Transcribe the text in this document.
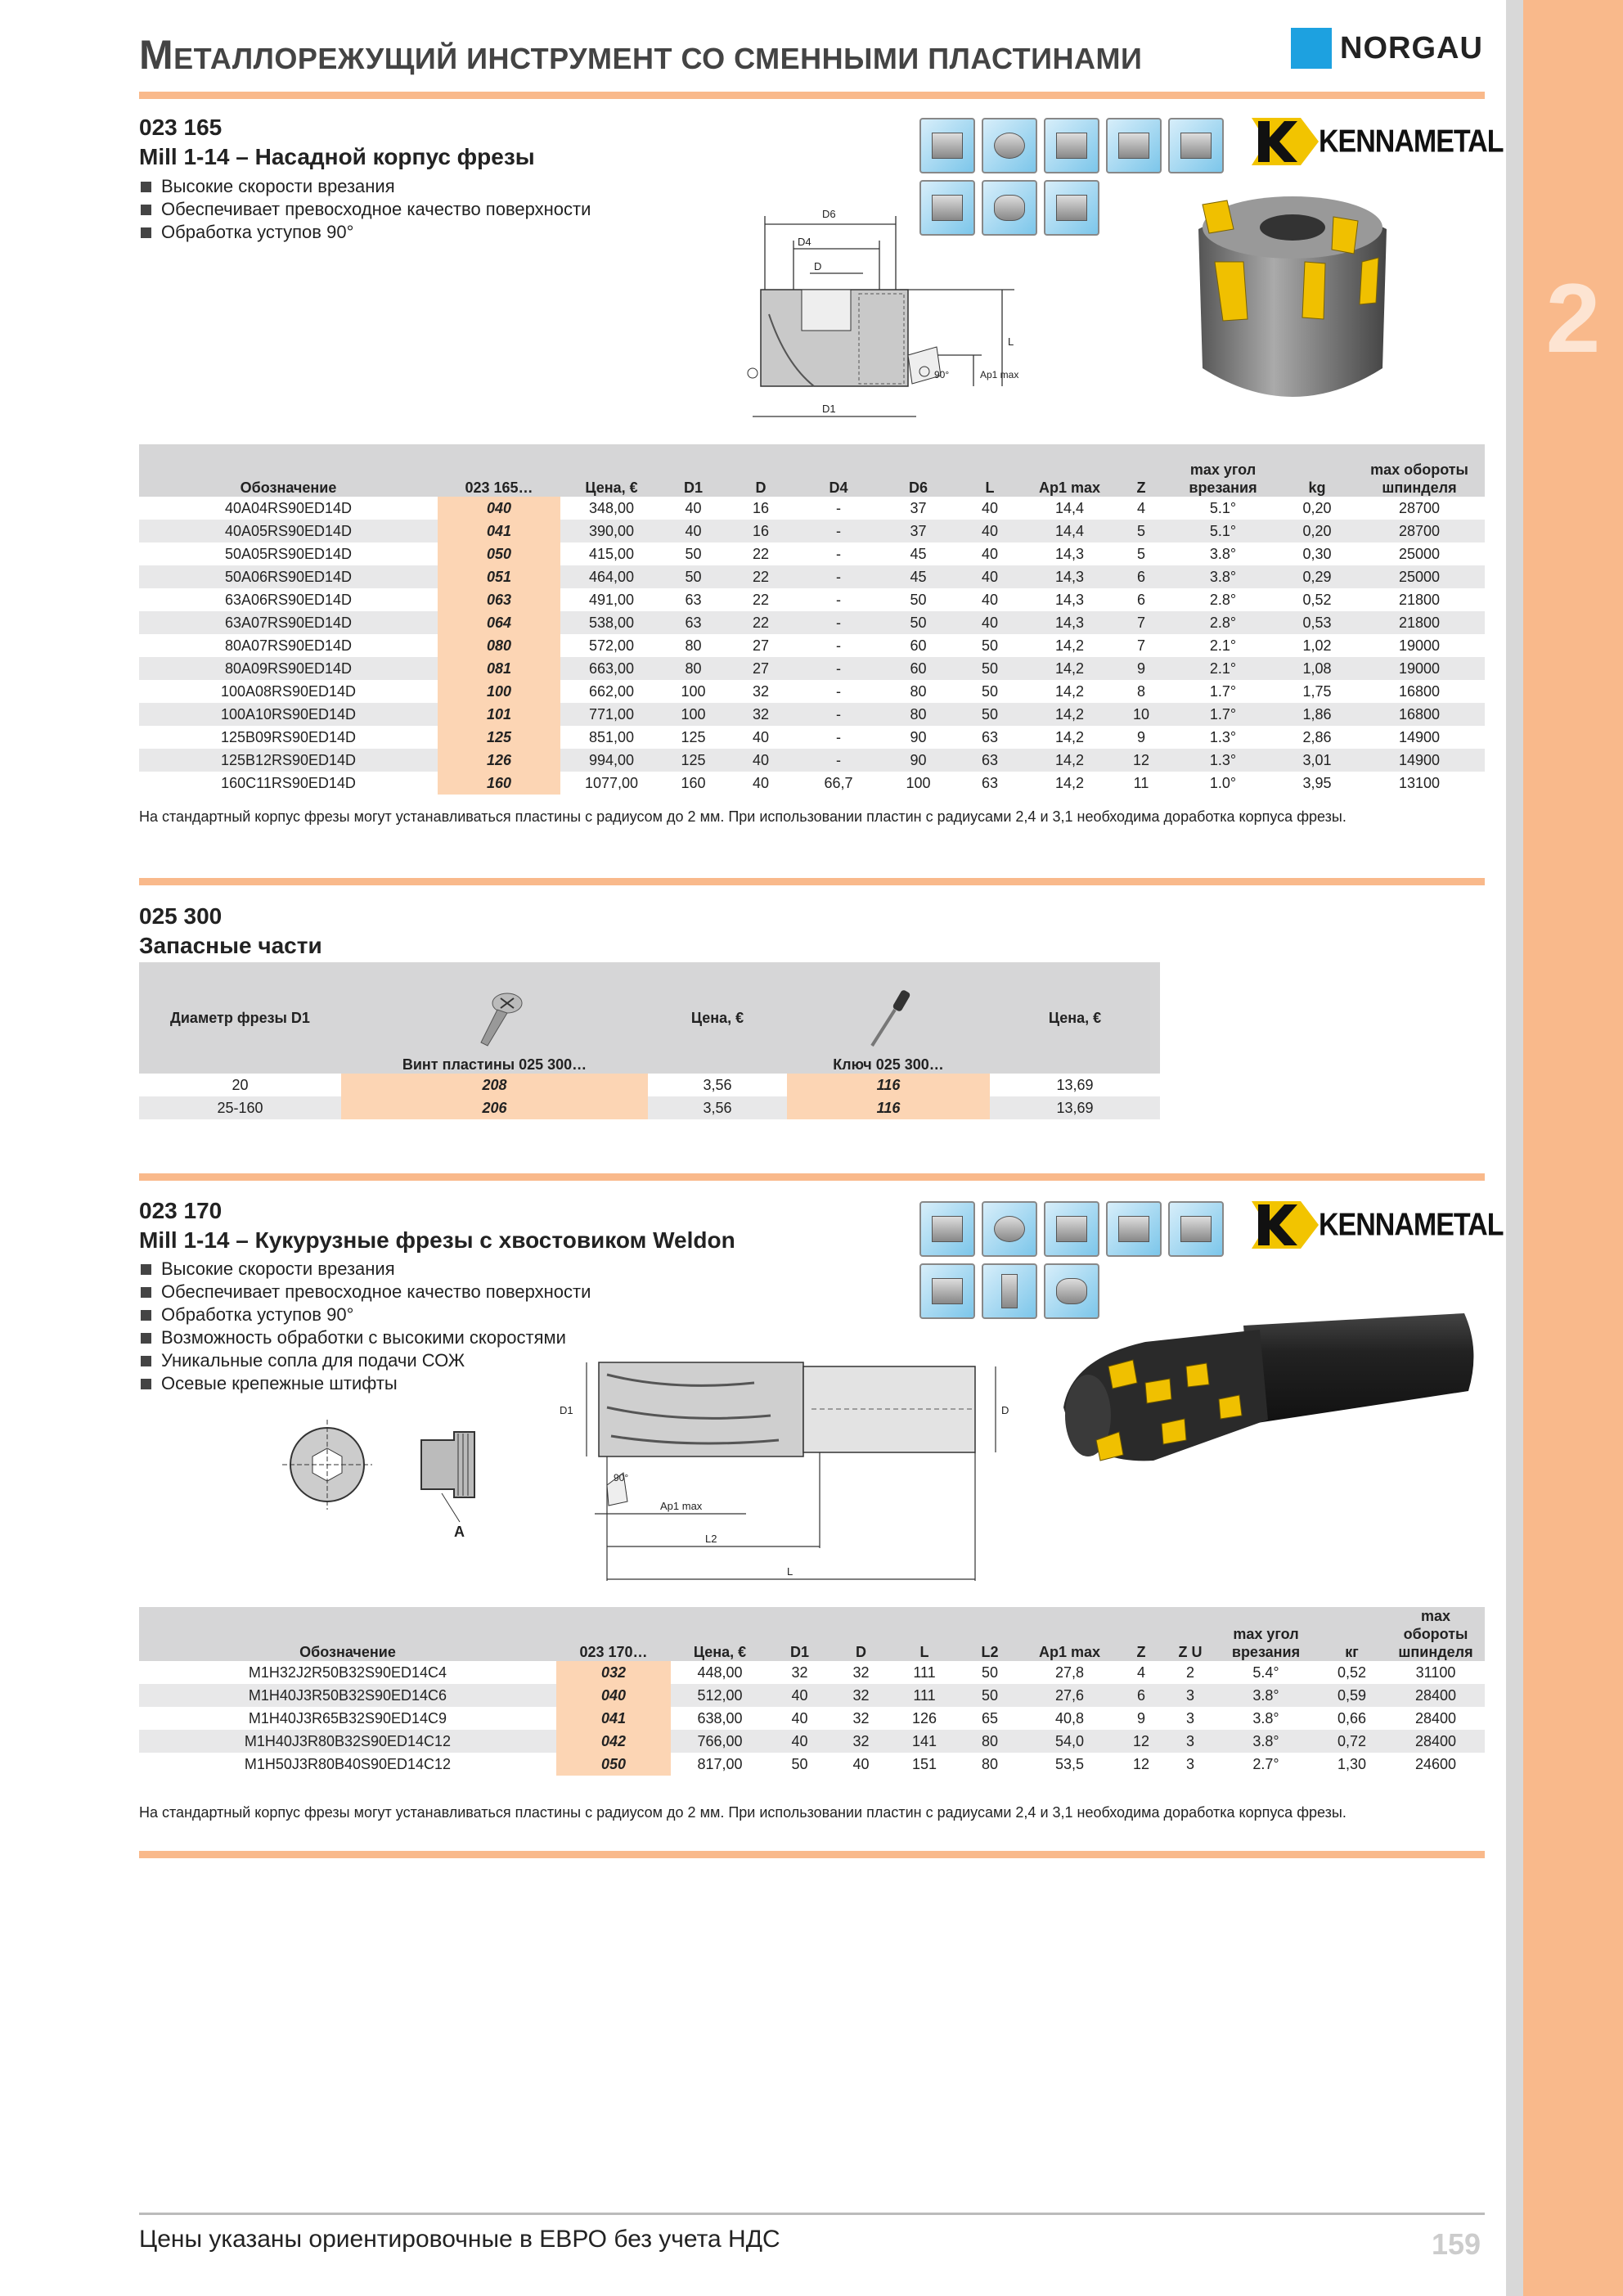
2
МЕТАЛЛОРЕЖУЩИЙ ИНСТРУМЕНТ СО СМЕННЫМИ ПЛАСТИНАМИ	NORGAU
023 165
Mill 1-14 – Насадной корпус фрезы
Высокие скорости врезания
Обеспечивает превосходное качество поверхности
Обработка уступов 90°
KENNAMETAL
D6
D4
D
L
90°	Ap1 max
D1
Обозначение	023 165…	Цена, €	D1	D	D4	D6	L	Ap1 max	Z	max угол врезания	kg	max обороты шпинделя
40A04RS90ED14D	040	348,00	40	16	-	37	40	14,4	4	5.1°	0,20	28700
40A05RS90ED14D	041	390,00	40	16	-	37	40	14,4	5	5.1°	0,20	28700
50A05RS90ED14D	050	415,00	50	22	-	45	40	14,3	5	3.8°	0,30	25000
50A06RS90ED14D	051	464,00	50	22	-	45	40	14,3	6	3.8°	0,29	25000
63A06RS90ED14D	063	491,00	63	22	-	50	40	14,3	6	2.8°	0,52	21800
63A07RS90ED14D	064	538,00	63	22	-	50	40	14,3	7	2.8°	0,53	21800
80A07RS90ED14D	080	572,00	80	27	-	60	50	14,2	7	2.1°	1,02	19000
80A09RS90ED14D	081	663,00	80	27	-	60	50	14,2	9	2.1°	1,08	19000
100A08RS90ED14D	100	662,00	100	32	-	80	50	14,2	8	1.7°	1,75	16800
100A10RS90ED14D	101	771,00	100	32	-	80	50	14,2	10	1.7°	1,86	16800
125B09RS90ED14D	125	851,00	125	40	-	90	63	14,2	9	1.3°	2,86	14900
125B12RS90ED14D	126	994,00	125	40	-	90	63	14,2	12	1.3°	3,01	14900
160C11RS90ED14D	160	1077,00	160	40	66,7	100	63	14,2	11	1.0°	3,95	13100
На стандартный корпус фрезы могут устанавливаться пластины с радиусом до 2 мм. При использовании пластин с радиусами 2,4 и 3,1 необходима доработка корпуса фрезы.
025 300
Запасные части
Диаметр фрезы D1	Винт пластины 025 300…	Цена, €	Ключ 025 300…	Цена, €
20	208	3,56	116	13,69
25-160	206	3,56	116	13,69
023 170
Mill 1-14 – Кукурузные фрезы с хвостовиком Weldon
Высокие скорости врезания
Обеспечивает превосходное качество поверхности
Обработка уступов 90°
Возможность обработки с высокими скоростями
Уникальные сопла для подачи СОЖ
Осевые крепежные штифты
KENNAMETAL
A
D1	D
90°
Ap1 max
L2
L
Обозначение	023 170…	Цена, €	D1	D	L	L2	Ap1 max	Z	Z U	max угол врезания	кг	max обороты шпинделя
M1H32J2R50B32S90ED14C4	032	448,00	32	32	111	50	27,8	4	2	5.4°	0,52	31100
M1H40J3R50B32S90ED14C6	040	512,00	40	32	111	50	27,6	6	3	3.8°	0,59	28400
M1H40J3R65B32S90ED14C9	041	638,00	40	32	126	65	40,8	9	3	3.8°	0,66	28400
M1H40J3R80B32S90ED14C12	042	766,00	40	32	141	80	54,0	12	3	3.8°	0,72	28400
M1H50J3R80B40S90ED14C12	050	817,00	50	40	151	80	53,5	12	3	2.7°	1,30	24600
На стандартный корпус фрезы могут устанавливаться пластины с радиусом до 2 мм. При использовании пластин с радиусами 2,4 и 3,1 необходима доработка корпуса фрезы.
Цены указаны ориентировочные в ЕВРО без учета НДС	159
